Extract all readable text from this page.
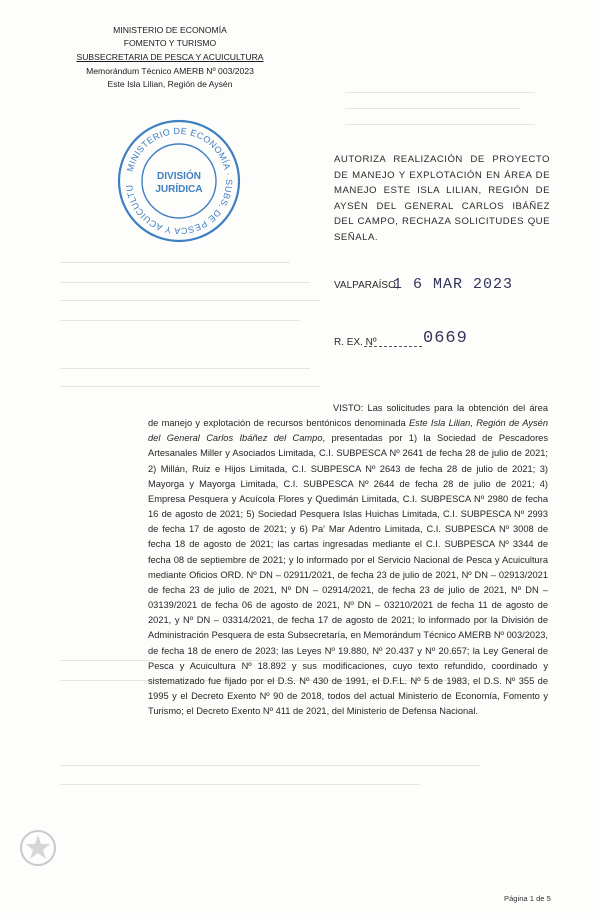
MINISTERIO DE ECONOMÍA
FOMENTO Y TURISMO
SUBSECRETARIA DE PESCA Y ACUICULTURA
Memorándum Técnico AMERB Nº 003/2023
Este Isla Lilian, Región de Aysén
MINISTERIO DE ECONOMÍA · SUBS. DE PESCA Y ACUICULTU
DIVISIÓN
JURÍDICA
AUTORIZA REALIZACIÓN DE PROYECTO DE MANEJO Y EXPLOTACIÓN EN ÁREA DE MANEJO ESTE ISLA LILIAN, REGIÓN DE AYSÉN DEL GENERAL CARLOS IBÁÑEZ DEL CAMPO, RECHAZA SOLICITUDES QUE SEÑALA.
VALPARAÍSO,
1 6 MAR 2023
R. EX. Nº	0669
VISTO: Las solicitudes para la obtención del área de manejo y explotación de recursos bentónicos denominada Este Isla Lilian, Región de Aysén del General Carlos Ibáñez del Campo, presentadas por 1) la Sociedad de Pescadores Artesanales Miller y Asociados Limitada, C.I. SUBPESCA Nº 2641 de fecha 28 de julio de 2021; 2) Millán, Ruiz e Hijos Limitada, C.I. SUBPESCA Nº 2643 de fecha 28 de julio de 2021; 3) Mayorga y Mayorga Limitada, C.I. SUBPESCA Nº 2644 de fecha 28 de julio de 2021; 4) Empresa Pesquera y Acuícola Flores y Quedimán Limitada, C.I. SUBPESCA Nº 2980 de fecha 16 de agosto de 2021; 5) Sociedad Pesquera Islas Huichas Limitada, C.I. SUBPESCA Nº 2993 de fecha 17 de agosto de 2021; y 6) Pa' Mar Adentro Limitada, C.I. SUBPESCA Nº 3008 de fecha 18 de agosto de 2021; las cartas ingresadas mediante el C.I. SUBPESCA Nº 3344 de fecha 08 de septiembre de 2021; y lo informado por el Servicio Nacional de Pesca y Acuicultura mediante Oficios ORD. Nº DN – 02911/2021, de fecha 23 de julio de 2021, Nº DN – 02913/2021 de fecha 23 de julio de 2021, Nº DN – 02914/2021, de fecha 23 de julio de 2021, Nº DN – 03139/2021 de fecha 06 de agosto de 2021, Nº DN – 03210/2021 de fecha 11 de agosto de 2021, y Nº DN – 03314/2021, de fecha 17 de agosto de 2021; lo informado por la División de Administración Pesquera de esta Subsecretaría, en Memorándum Técnico AMERB Nº 003/2023, de fecha 18 de enero de 2023; las Leyes Nº 19.880, Nº 20.437 y Nº 20.657; la Ley General de Pesca y Acuicultura Nº 18.892 y sus modificaciones, cuyo texto refundido, coordinado y sistematizado fue fijado por el D.S. Nº 430 de 1991, el D.F.L. Nº 5 de 1983, el D.S. Nº 355 de 1995 y el Decreto Exento Nº 90 de 2018, todos del actual Ministerio de Economía, Fomento y Turismo; el Decreto Exento Nº 411 de 2021, del Ministerio de Defensa Nacional.
Página 1 de 5
